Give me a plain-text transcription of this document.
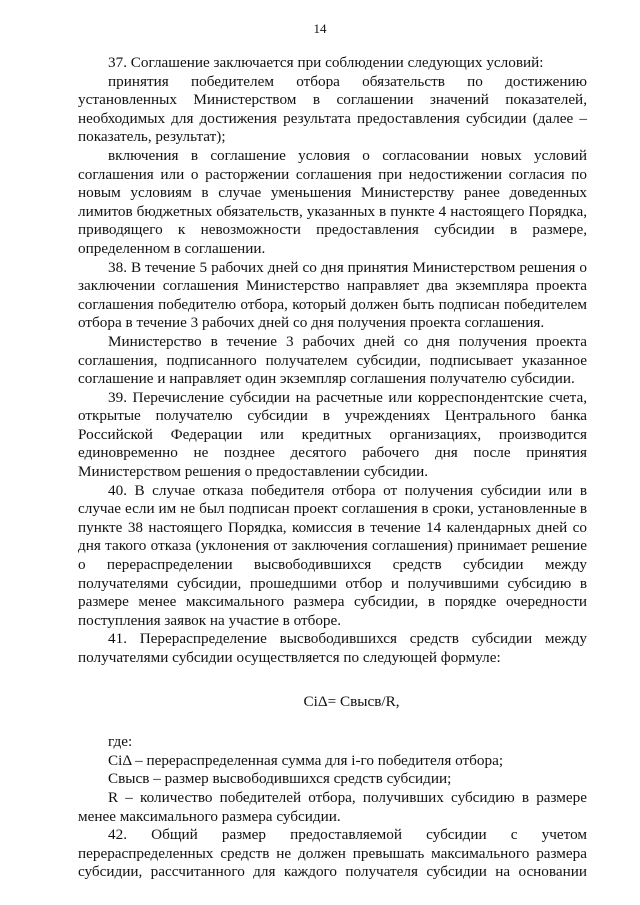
14

37. Соглашение заключается при соблюдении следующих условий:

принятия победителем отбора обязательств по достижению установленных Министерством в соглашении значений показателей, необходимых для достижения результата предоставления субсидии (далее – показатель, результат);

включения в соглашение условия о согласовании новых условий соглашения или о расторжении соглашения при недостижении согласия по новым условиям в случае уменьшения Министерству ранее доведенных лимитов бюджетных обязательств, указанных в пункте 4 настоящего Порядка, приводящего к невозможности предоставления субсидии в размере, определенном в соглашении.

38. В течение 5 рабочих дней со дня принятия Министерством решения о заключении соглашения Министерство направляет два экземпляра проекта соглашения победителю отбора, который должен быть подписан победителем отбора в течение 3 рабочих дней со дня получения проекта соглашения.

Министерство в течение 3 рабочих дней со дня получения проекта соглашения, подписанного получателем субсидии, подписывает указанное соглашение и направляет один экземпляр соглашения получателю субсидии.

39. Перечисление субсидии на расчетные или корреспондентские счета, открытые получателю субсидии в учреждениях Центрального банка Российской Федерации или кредитных организациях, производится единовременно не позднее десятого рабочего дня после принятия Министерством решения о предоставлении субсидии.

40. В случае отказа победителя отбора от получения субсидии или в случае если им не был подписан проект соглашения в сроки, установленные в пункте 38 настоящего Порядка, комиссия в течение 14 календарных дней со дня такого отказа (уклонения от заключения соглашения) принимает решение о перераспределении высвободившихся средств субсидии между получателями субсидии, прошедшими отбор и получившими субсидию в размере менее максимального размера субсидии, в порядке очередности поступления заявок на участие в отборе.

41. Перераспределение высвободившихся средств субсидии между получателями субсидии осуществляется по следующей формуле:

CiΔ= Cвысв/R,

где:

CiΔ – перераспределенная сумма для i-го победителя отбора;

Cвысв – размер высвободившихся средств субсидии;

R – количество победителей отбора, получивших субсидию в размере менее максимального размера субсидии.

42. Общий размер предоставляемой субсидии с учетом перераспределенных средств не должен превышать максимального размера субсидии, рассчитанного для каждого получателя субсидии на основании
